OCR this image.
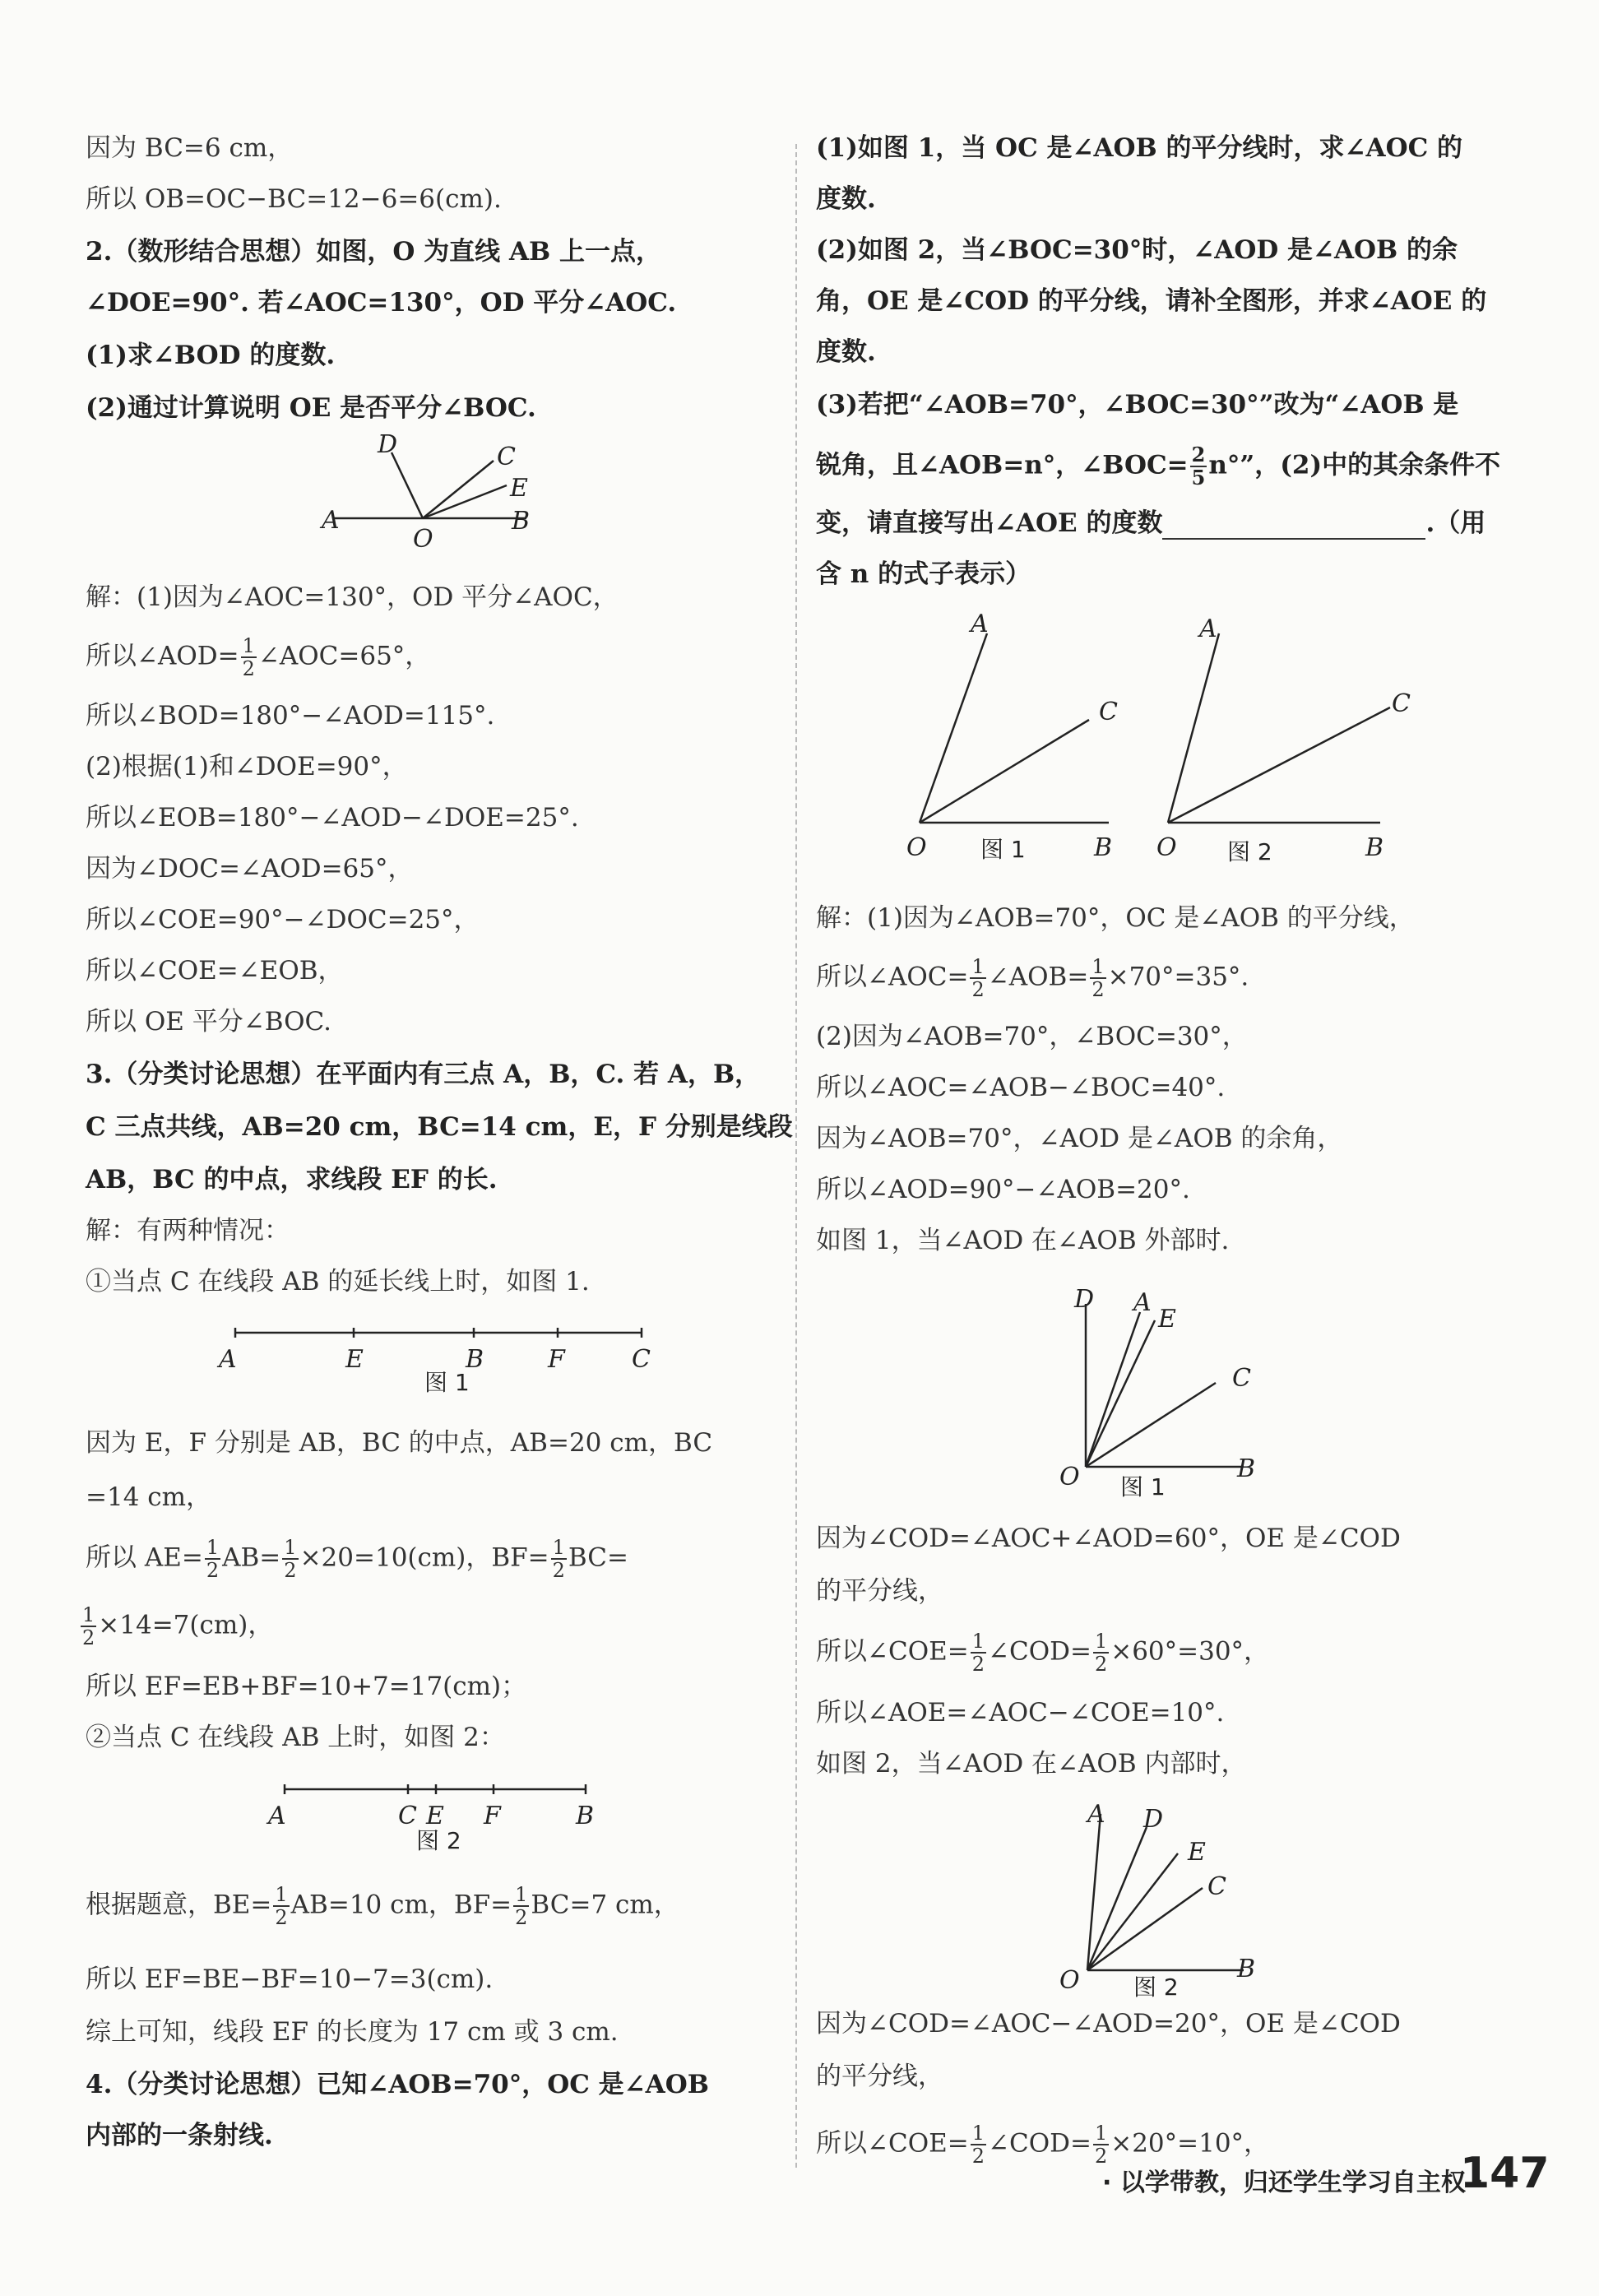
因为 BC=6 cm，
所以 OB=OC−BC=12−6=6(cm).
2.（数形结合思想）如图，O 为直线 AB 上一点，
∠DOE=90°. 若∠AOC=130°，OD 平分∠AOC.
(1)求∠BOD 的度数.
(2)通过计算说明 OE 是否平分∠BOC.
D	C
E
A
O
B
解：(1)因为∠AOC=130°，OD 平分∠AOC，
所以∠AOD= $\frac{1}{2}$ ∠AOC=65°，
所以∠BOD=180°−∠AOD=115°.
(2)根据(1)和∠DOE=90°，
所以∠EOB=180°−∠AOD−∠DOE=25°.
因为∠DOC=∠AOD=65°，
所以∠COE=90°−∠DOC=25°，
所以∠COE=∠EOB，
所以 OE 平分∠BOC.
3.（分类讨论思想）在平面内有三点 A，B，C. 若 A，B，
C 三点共线，AB=20 cm，BC=14 cm，E，F 分别是线段
AB，BC 的中点，求线段 EF 的长.
解：有两种情况：
①当点 C 在线段 AB 的延长线上时，如图 1.
A	E	B	F	C
图 1
因为 E，F 分别是 AB，BC 的中点，AB=20 cm，BC
=14 cm，
所以 $AE= \frac{1}{2} AB= \frac{1}{2} \times 20=10(cm)$，$BF= \frac{1}{2} BC=$
$\frac{1}{2} \times 14=7(cm)$，
所以 EF=EB+BF=10+7=17(cm)；
②当点 C 在线段 AB 上时，如图 2：
A	C E F	B
图 2
根据题意，$BE= \frac{1}{2} AB=10$ cm，$BF= \frac{1}{2} BC=7$ cm，
所以 EF=BE−BF=10−7=3(cm).
综上可知，线段 EF 的长度为 17 cm 或 3 cm.
4.（分类讨论思想）已知∠AOB=70°，OC 是∠AOB
内部的一条射线.
(1)如图 1，当 OC 是∠AOB 的平分线时，求∠AOC 的
度数.
(2)如图 2，当∠BOC=30°时，∠AOD 是∠AOB 的余
角，OE 是∠COD 的平分线，请补全图形，并求∠AOE 的
度数.
(3)若把“∠AOB=70°，∠BOC=30°”改为“∠AOB 是
锐角，且∠AOB=n°，∠BOC= $\frac{2}{5} n^\circ$”，(2)中的其余条件不
变，请直接写出∠AOE 的度数	.（用
含 n 的式子表示）
A
C
O	B
图 1
A
C
O	B
图 2
解：(1)因为∠AOB=70°，OC 是∠AOB 的平分线，
所以∠AOC= $\frac{1}{2}$ ∠AOB= $\frac{1}{2} \times 70^\circ=35^\circ$.
(2)因为∠AOB=70°，∠BOC=30°，
所以∠AOC=∠AOB−∠BOC=40°.
因为∠AOB=70°，∠AOD 是∠AOB 的余角，
所以∠AOD=90°−∠AOB=20°.
如图 1，当∠AOD 在∠AOB 外部时.
D A
E
C
O	B
图 1
因为∠COD=∠AOC+∠AOD=60°，OE 是∠COD
的平分线，
所以∠COE= $\frac{1}{2}$ ∠COD= $\frac{1}{2} \times 60^\circ=30^\circ$，
所以∠AOE=∠AOC−∠COE=10°.
如图 2，当∠AOD 在∠AOB 内部时，
A D
E
C
O	B
图 2
因为∠COD=∠AOC−∠AOD=20°，OE 是∠COD
的平分线，
所以∠COE= $\frac{1}{2}$ ∠COD= $\frac{1}{2} \times 20^\circ=10^\circ$，
· 以学带教，归还学生学习自主权 ·
147
